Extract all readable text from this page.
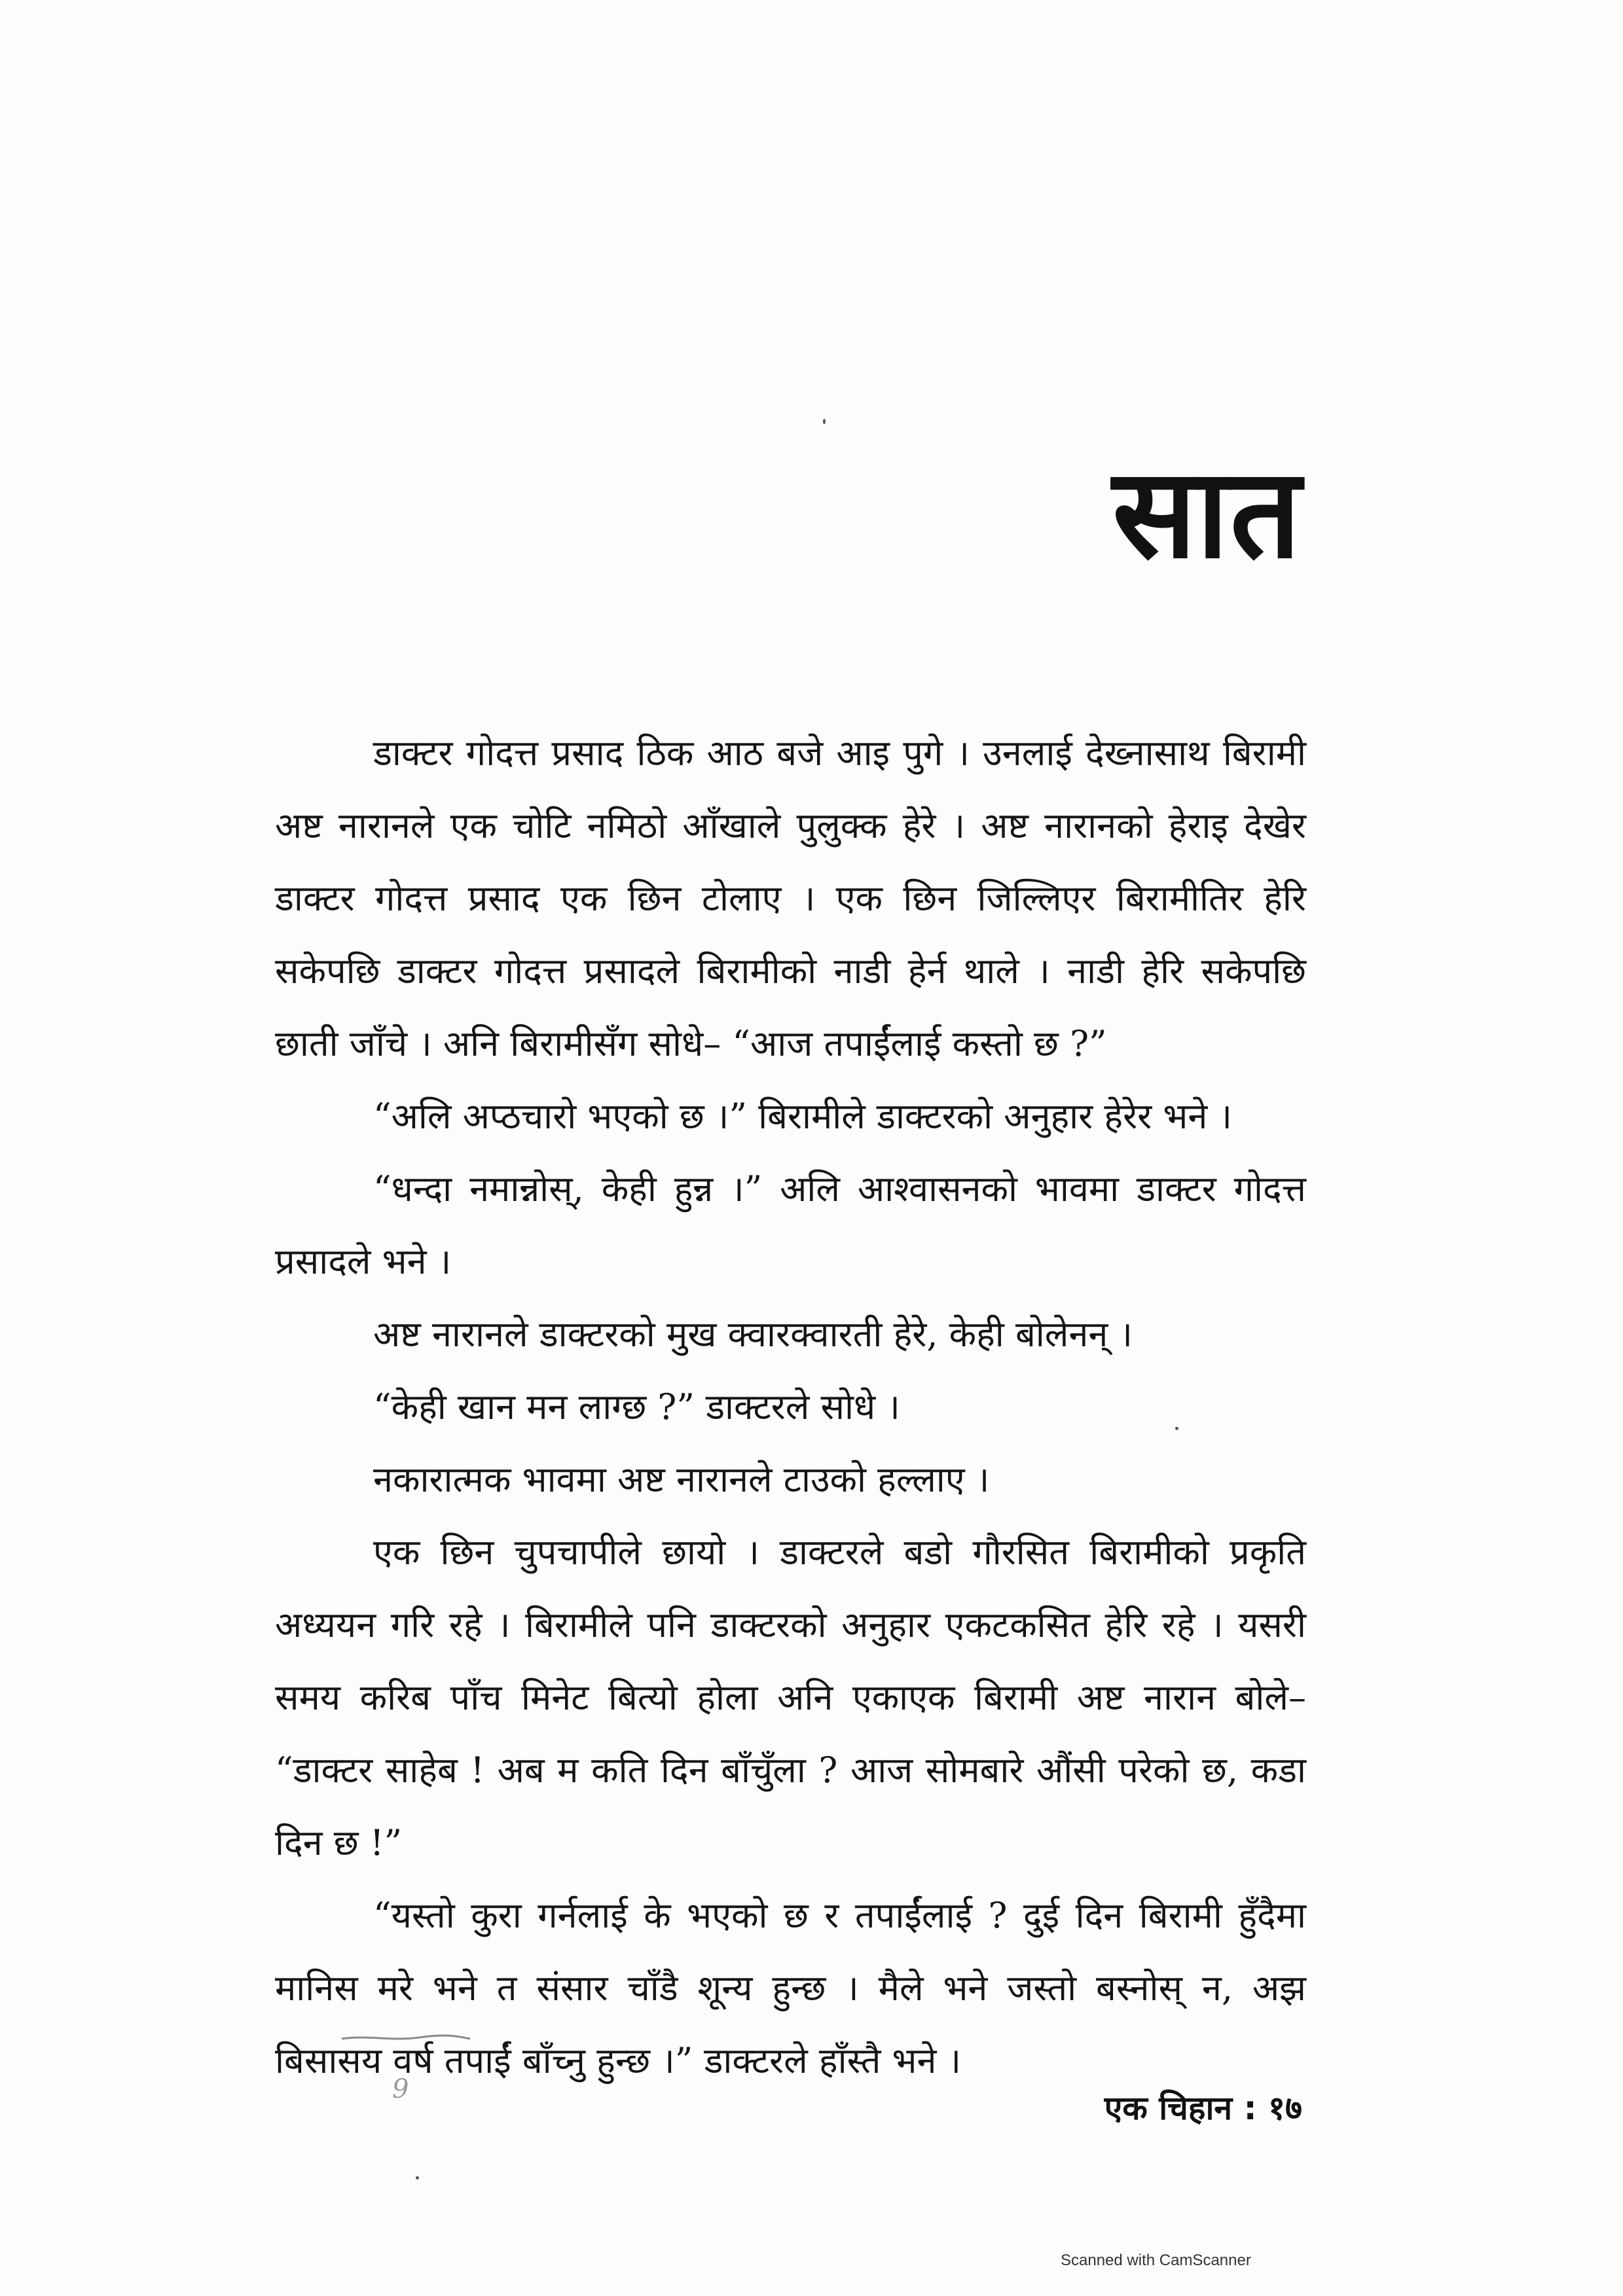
सात

डाक्टर गोदत्त प्रसाद ठिक आठ बजे आइ पुगे । उनलाई देख्नासाथ बिरामी अष्ट नारानले एक चोटि नमिठो आँखाले पुलुक्क हेरे । अष्ट नारानको हेराइ देखेर डाक्टर गोदत्त प्रसाद एक छिन टोलाए । एक छिन जिल्लिएर बिरामीतिर हेरि सकेपछि डाक्टर गोदत्त प्रसादले बिरामीको नाडी हेर्न थाले । नाडी हेरि सकेपछि छाती जाँचे । अनि बिरामीसँग सोधे– “आज तपाईंलाई कस्तो छ ?”

“अलि अप्ठचारो भएको छ ।” बिरामीले डाक्टरको अनुहार हेरेर भने ।

“धन्दा नमान्नोस्, केही हुन्न ।” अलि आश्वासनको भावमा डाक्टर गोदत्त प्रसादले भने ।

अष्ट नारानले डाक्टरको मुख क्वारक्वारती हेरे, केही बोलेनन् ।

“केही खान मन लाग्छ ?” डाक्टरले सोधे ।

नकारात्मक भावमा अष्ट नारानले टाउको हल्लाए ।

एक छिन चुपचापीले छायो । डाक्टरले बडो गौरसित बिरामीको प्रकृति अध्ययन गरि रहे । बिरामीले पनि डाक्टरको अनुहार एकटकसित हेरि रहे । यसरी समय करिब पाँच मिनेट बित्यो होला अनि एकाएक बिरामी अष्ट नारान बोले– “डाक्टर साहेब ! अब म कति दिन बाँचुँला ? आज सोमबारे औंसी परेको छ, कडा दिन छ !”

“यस्तो कुरा गर्नलाई के भएको छ र तपाईंलाई ? दुई दिन बिरामी हुँदैमा मानिस मरे भने त संसार चाँडै शून्य हुन्छ । मैले भने जस्तो बस्नोस् न, अझ बिसासय वर्ष तपाईं बाँच्नु हुन्छ ।” डाक्टरले हाँस्तै भने ।

9	एक चिहान : १७
Scanned with CamScanner
